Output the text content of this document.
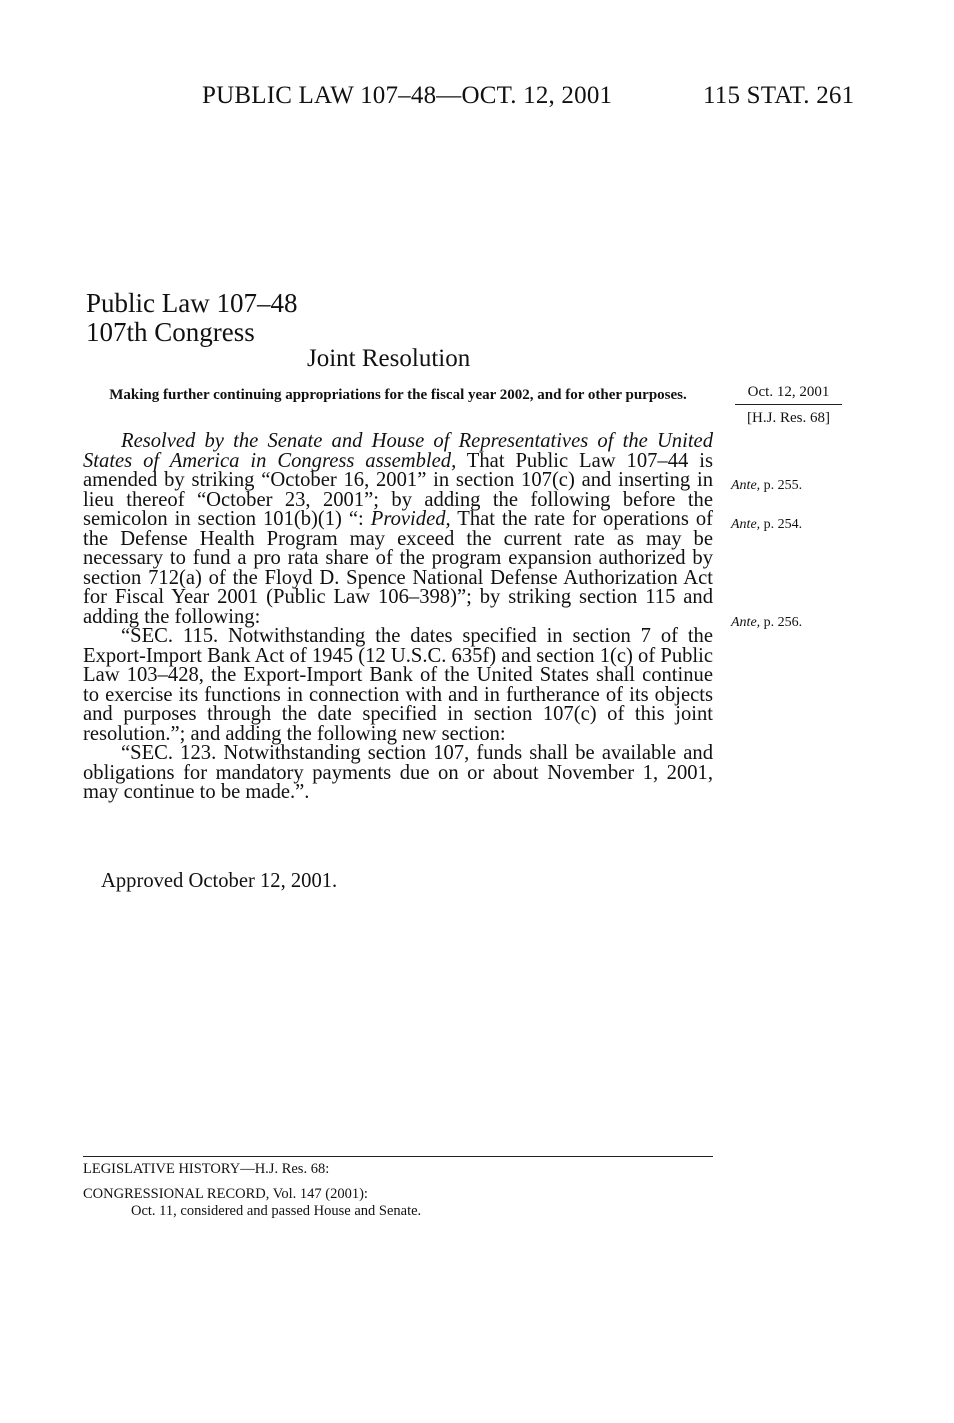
PUBLIC LAW 107–48—OCT. 12, 2001	115 STAT. 261
Public Law 107–48
107th Congress
Joint Resolution
Making further continuing appropriations for the fiscal year 2002, and for other purposes.	Oct. 12, 2001
[H.J. Res. 68]

Resolved by the Senate and House of Representatives of the United States of America in Congress assembled, That Public Law 107–44 is amended by striking “October 16, 2001” in section 107(c) and inserting in lieu thereof “October 23, 2001”; by adding the following before the semicolon in section 101(b)(1) “: Provided, That the rate for operations of the Defense Health Program may exceed the current rate as may be necessary to fund a pro rata share of the program expansion authorized by section 712(a) of the Floyd D. Spence National Defense Authorization Act for Fiscal Year 2001 (Public Law 106–398)”; by striking section 115 and adding the following:

“SEC. 115. Notwithstanding the dates specified in section 7 of the Export-Import Bank Act of 1945 (12 U.S.C. 635f) and section 1(c) of Public Law 103–428, the Export-Import Bank of the United States shall continue to exercise its functions in connection with and in furtherance of its objects and purposes through the date specified in section 107(c) of this joint resolution.”; and adding the following new section:

“SEC. 123. Notwithstanding section 107, funds shall be available and obligations for mandatory payments due on or about November 1, 2001, may continue to be made.”.

Ante, p. 255.
Ante, p. 254.
Ante, p. 256.
Approved October 12, 2001.
LEGISLATIVE HISTORY—H.J. Res. 68:
CONGRESSIONAL RECORD, Vol. 147 (2001):
Oct. 11, considered and passed House and Senate.
